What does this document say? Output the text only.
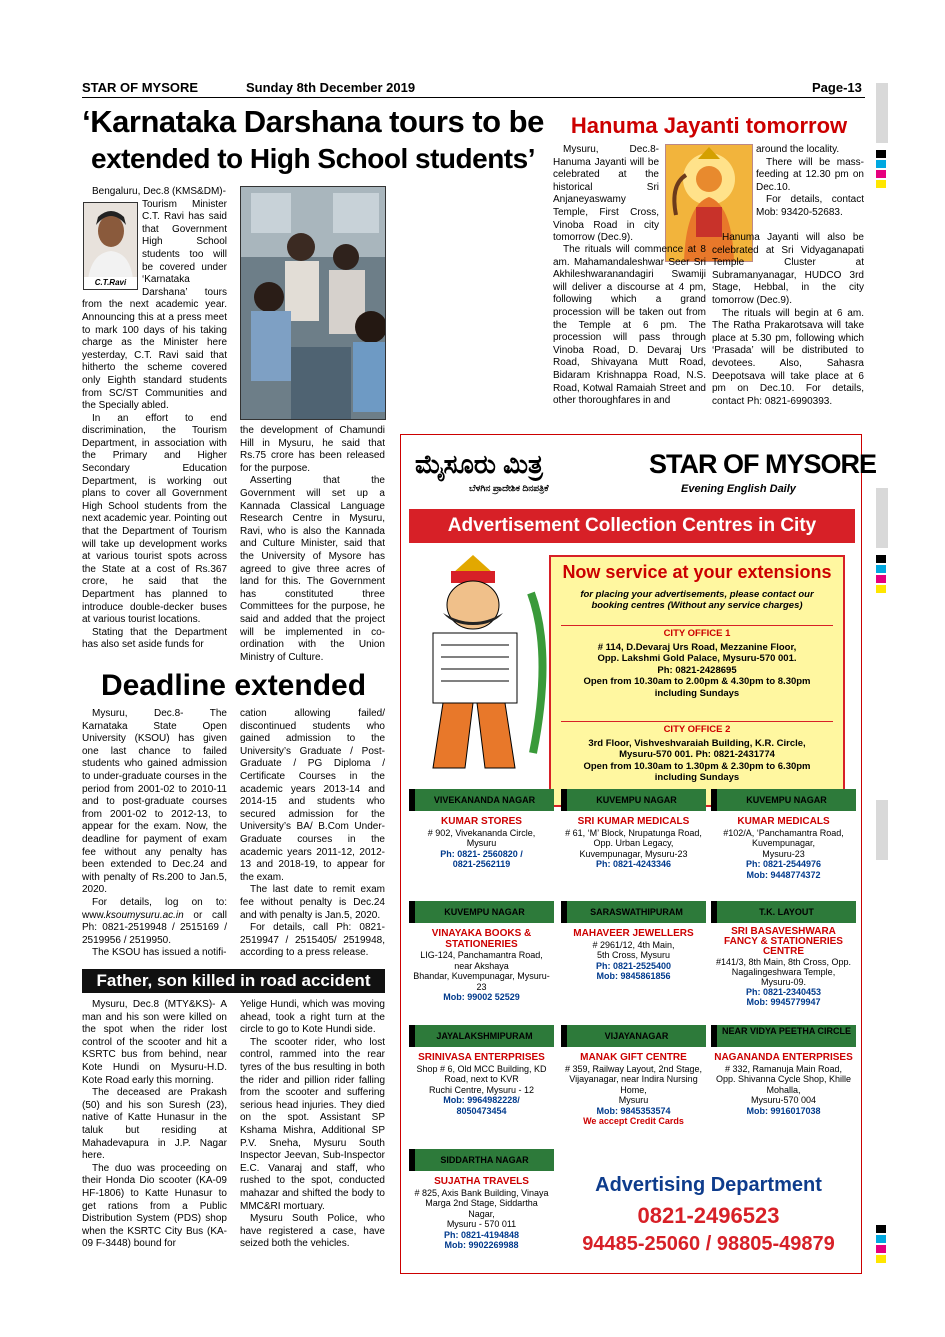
STAR OF MYSORE	Sunday 8th December 2019	Page-13
‘Karnataka Darshana tours to be
extended to High School students’
C.T.Ravi
Bengaluru, Dec.8 (KMS&DM)-

Tourism Minister C.T. Ravi has said that Government High School students too will be covered under ‘Karnataka Darshana’ tours from the next academic year. Announcing this at a press meet to mark 100 days of his taking charge as the Minister here yesterday, C.T. Ravi said that hitherto the scheme covered only Eighth standard students from SC/ST Communities and the Specially abled.

In an effort to end discrimination, the Tourism Department, in association with the Primary and Higher Secondary Education Department, is working out plans to cover all Government High School students from the next academic year. Pointing out that the Department of Tourism will take up development works at various tourist spots across the State at a cost of Rs.367 crore, he said that the Department has planned to introduce double-decker buses at various tourist locations.

Stating that the Department has also set aside funds for

the development of Chamundi Hill in Mysuru, he said that Rs.75 crore has been released for the purpose.

Asserting that the Government will set up a Kannada Classical Language Research Centre in Mysuru, Ravi, who is also the Kannada and Culture Minister, said that the University of Mysore has agreed to give three acres of land for this. The Government has constituted three Committees for the purpose, he said and added that the project will be implemented in co-ordination with the Union Ministry of Culture.

Hanuma Jayanti tomorrow

Mysuru, Dec.8- Hanuma Jayanti will be celebrated at the historical Sri Anjaneyaswamy Temple, First Cross, Vinoba Road in city tomorrow (Dec.9).

The rituals will commence at 8 am. Mahamandaleshwar Seer Sri Akhileshwaranandagiri Swamiji will deliver a discourse at 4 pm, following which a grand procession will be taken out from the Temple at 6 pm. The procession will pass through Vinoba Road, D. Devaraj Urs Road, Shivayana Mutt Road, Bidaram Krishnappa Road, N.S. Road, Kotwal Ramaiah Street and other thoroughfares in and

around the locality.

There will be mass-feeding at 12.30 pm on Dec.10.

For details, contact Mob: 93420-52683.

Hanuma Jayanti will also be celebrated at Sri Vidyaganapati Temple Cluster at Subramanyanagar, HUDCO 3rd Stage, Hebbal, in the city tomorrow (Dec.9).

The rituals will begin at 6 am. The Ratha Prakarotsava will take place at 5.30 pm, following which ‘Prasada’ will be distributed to devotees. Also, Sahasra Deepotsava will take place at 6 pm on Dec.10. For details, contact Ph: 0821-6990393.

Deadline extended

Mysuru, Dec.8- The Karnataka State Open University (KSOU) has given one last chance to failed students who gained admission to under-graduate courses in the period from 2001-02 to 2010-11 and to post-graduate courses from 2001-02 to 2012-13, to appear for the exam. Now, the deadline for payment of exam fee without any penalty has been extended to Dec.24 and with penalty of Rs.200 to Jan.5, 2020.

For details, log on to: www.ksoumysuru.ac.in or call Ph: 0821-2519948 / 2515169 / 2519956 / 2519950.

The KSOU has issued a notifi-

cation allowing failed/ discontinued students who gained admission to the University’s Graduate / Post-Graduate / PG Diploma / Certificate Courses in the academic years 2013-14 and 2014-15 and students who secured admission for the University’s BA/ B.Com Under-Graduate courses in the academic years 2011-12, 2012-13 and 2018-19, to appear for the exam.

The last date to remit exam fee without penalty is Dec.24 and with penalty is Jan.5, 2020.

For details, call Ph: 0821-2519947 / 2515405/ 2519948, according to a press release.

Father, son killed in road accident

Mysuru, Dec.8 (MTY&KS)- A man and his son were killed on the spot when the rider lost control of the scooter and hit a KSRTC bus from behind, near Kote Hundi on Mysuru-H.D. Kote Road early this morning.

The deceased are Prakash (50) and his son Suresh (23), native of Katte Hunasur in the taluk but residing at Mahadevapura in J.P. Nagar here.

The duo was proceeding on their Honda Dio scooter (KA-09 HF-1806) to Katte Hunasur to get rations from a Public Distribution System (PDS) shop when the KSRTC City Bus (KA-09 F-3448) bound for

Yelige Hundi, which was moving ahead, took a right turn at the circle to go to Kote Hundi side.

The scooter rider, who lost control, rammed into the rear tyres of the bus resulting in both the rider and pillion rider falling from the scooter and suffering serious head injuries. They died on the spot. Assistant SP Kshama Mishra, Additional SP P.V. Sneha, Mysuru South Inspector Jeevan, Sub-Inspector E.C. Vanaraj and staff, who rushed to the spot, conducted mahazar and shifted the body to MMC&RI mortuary.

Mysuru South Police, who have registered a case, have seized both the vehicles.

ಮೈಸೂರು ಮಿತ್ರ
ಬೆಳಗಿನ ಪ್ರಾದೇಶಿಕ ದಿನಪತ್ರಿಕೆ
STAR OF MYSORE
Evening English Daily
Advertisement Collection Centres in City
Now service at your extensions
for placing your advertisements, please contact our
booking centres (Without any service charges)
CITY OFFICE 1
# 114, D.Devaraj Urs Road, Mezzanine Floor,
Opp. Lakshmi Gold Palace, Mysuru-570 001.
Ph: 0821-2428695
Open from 10.30am to 2.00pm & 4.30pm to 8.30pm
including Sundays
CITY OFFICE 2
3rd Floor, Vishveshvaraiah Building, K.R. Circle,
Mysuru-570 001. Ph: 0821-2431774
Open from 10.30am to 1.30pm & 2.30pm to 6.30pm
including Sundays
VIVEKANANDA NAGAR
KUMAR STORES
# 902, Vivekananda Circle,
Mysuru
Ph: 0821- 2560820 /
0821-2562119
KUVEMPU NAGAR
SRI KUMAR MEDICALS
# 61, ‘M’ Block, Nrupatunga Road, Opp. Urban Legacy,
Kuvempunagar, Mysuru-23
Ph: 0821-4243346
KUVEMPU NAGAR
KUMAR MEDICALS
#102/A, ‘Panchamantra Road, Kuvempunagar,
Mysuru-23
Ph: 0821-2544976
Mob: 9448774372
KUVEMPU NAGAR
VINAYAKA BOOKS & STATIONERIES
LIG-124, Panchamantra Road, near Akshaya
Bhandar, Kuvempunagar, Mysuru-23
Mob: 99002 52529
SARASWATHIPURAM
MAHAVEER JEWELLERS
# 2961/12, 4th Main,
5th Cross, Mysuru
Ph: 0821-2525400
Mob: 9845861856
T.K. LAYOUT
SRI BASAVESHWARA FANCY & STATIONERIES CENTRE
#141/3, 8th Main, 8th Cross, Opp. Nagalingeshwara Temple,
Mysuru-09.
Ph: 0821-2340453
Mob: 9945779947
JAYALAKSHMIPURAM
SRINIVASA ENTERPRISES
Shop # 6, Old MCC Building, KD Road, next to KVR
Ruchi Centre, Mysuru - 12
Mob: 9964982228/
8050473454
VIJAYANAGAR
MANAK GIFT CENTRE
# 359, Railway Layout, 2nd Stage, Vijayanagar, near Indira Nursing Home,
Mysuru
Mob: 9845353574
We accept Credit Cards
NEAR VIDYA PEETHA CIRCLE
NAGANANDA ENTERPRISES
# 332, Ramanuja Main Road, Opp. Shivanna Cycle Shop, Khille Mohalla,
Mysuru-570 004
Mob: 9916017038
SIDDARTHA NAGAR
SUJATHA TRAVELS
# 825, Axis Bank Building, Vinaya Marga 2nd Stage, Siddartha Nagar,
Mysuru - 570 011
Ph: 0821-4194848
Mob: 9902269988
Advertising Department
0821-2496523
94485-25060 / 98805-49879
